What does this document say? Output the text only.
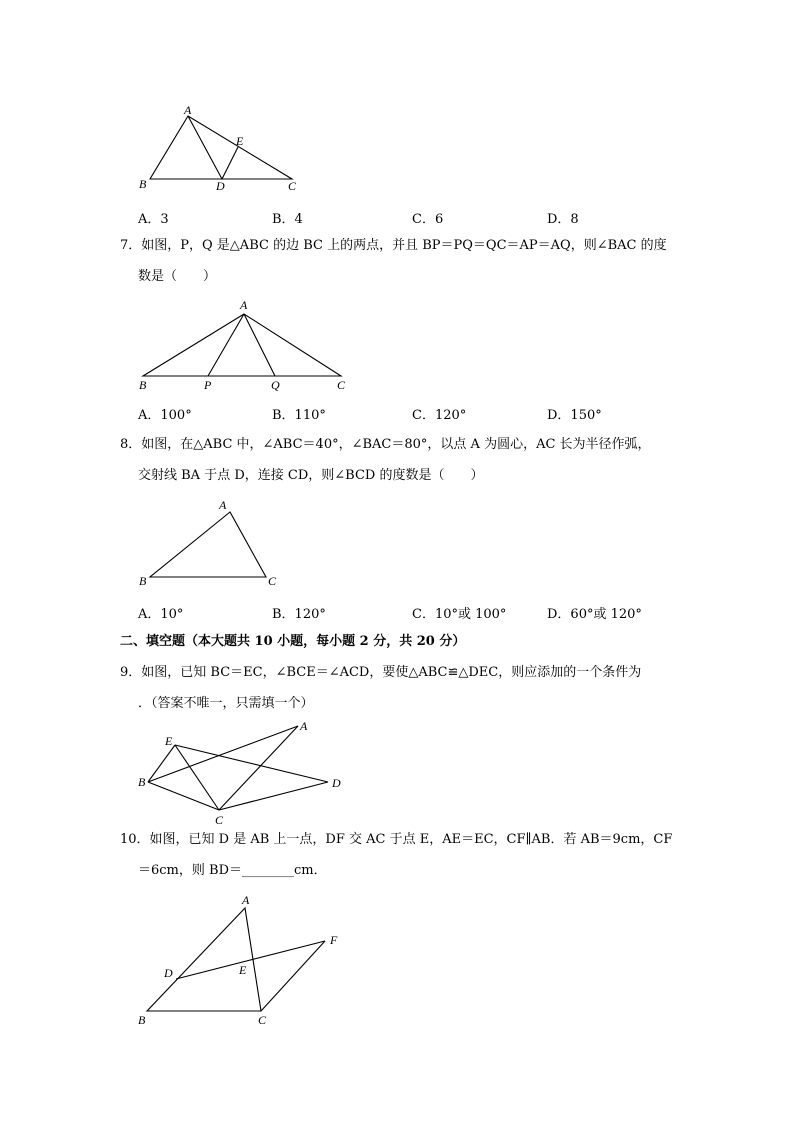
A
E
B	D	C
A．3	B．4	C．6	D．8
7．如图，P，Q 是△ABC 的边 BC 上的两点，并且 BP＝PQ＝QC＝AP＝AQ，则∠BAC 的度
数是（　　）
A
B	P	Q	C
A．100°	B．110°	C．120°	D．150°
8．如图，在△ABC 中，∠ABC＝40°，∠BAC＝80°，以点 A 为圆心，AC 长为半径作弧，
交射线 BA 于点 D，连接 CD，则∠BCD 的度数是（　　）
A
B	C
A．10°	B．120°	C．10°或 100°	D．60°或 120°
二、填空题（本大题共 10 小题，每小题 2 分，共 20 分）
9．如图，已知 BC＝EC，∠BCE＝∠ACD，要使△ABC≌△DEC，则应添加的一个条件为
．（答案不唯一，只需填一个）
E
A
B	D
C
10．如图，已知 D 是 AB 上一点，DF 交 AC 于点 E，AE＝EC，CF∥AB．若 AB＝9cm，CF
＝6cm，则 BD＝________cm．
A
F
D	E
B	C
